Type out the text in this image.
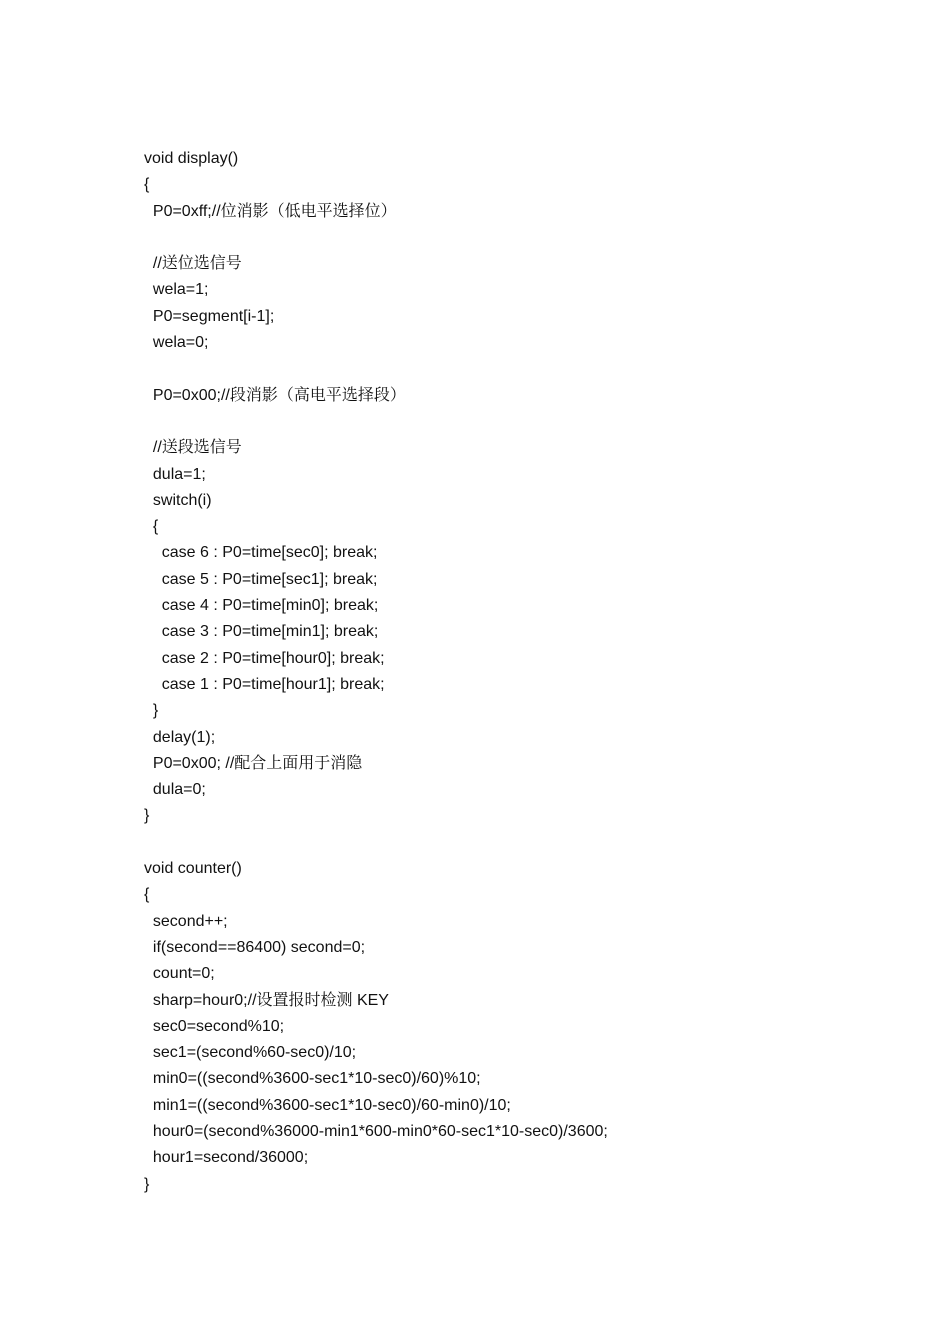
void display()
{
P0=0xff;//位消影（低电平选择位）
//送位选信号
wela=1;
P0=segment[i-1];
wela=0;
P0=0x00;//段消影（高电平选择段）
//送段选信号
dula=1;
switch(i)
{
case 6 : P0=time[sec0]; break;
case 5 : P0=time[sec1]; break;
case 4 : P0=time[min0]; break;
case 3 : P0=time[min1]; break;
case 2 : P0=time[hour0]; break;
case 1 : P0=time[hour1]; break;
}
delay(1);
P0=0x00; //配合上面用于消隐
dula=0;
}
void counter()
{
second++;
if(second==86400) second=0;
count=0;
sharp=hour0;//设置报时检测 KEY
sec0=second%10;
sec1=(second%60-sec0)/10;
min0=((second%3600-sec1*10-sec0)/60)%10;
min1=((second%3600-sec1*10-sec0)/60-min0)/10;
hour0=(second%36000-min1*600-min0*60-sec1*10-sec0)/3600;
hour1=second/36000;
}
